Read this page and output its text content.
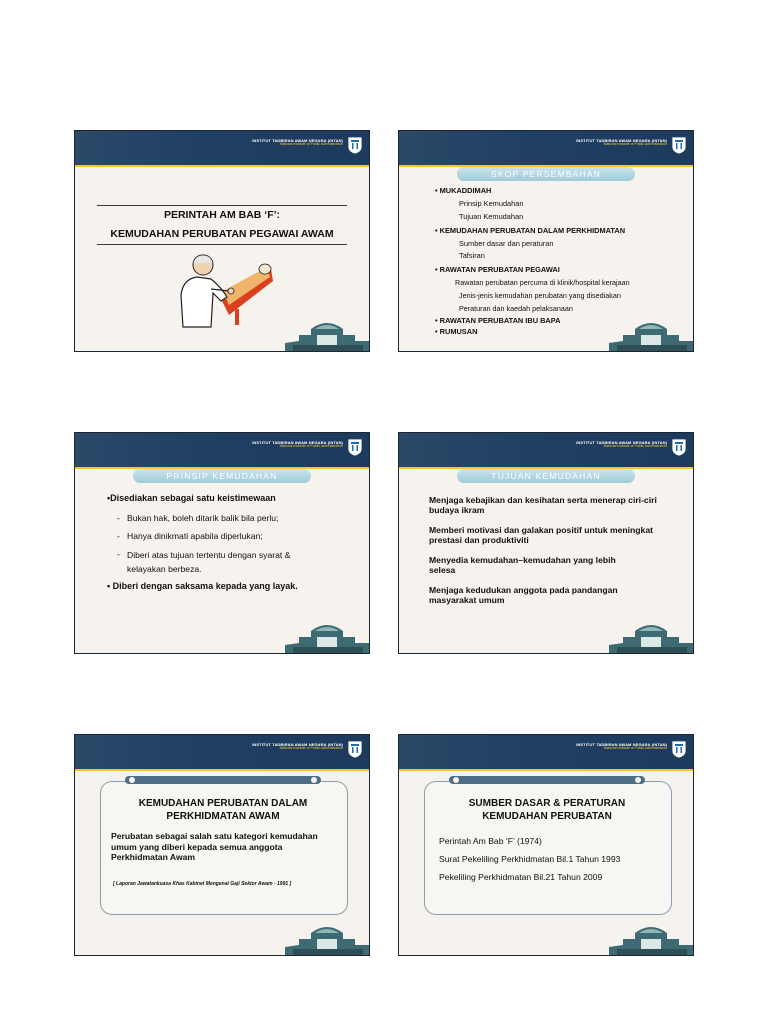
INSTITUT TADBIRAN AWAM NEGARA (INTAN)
National Institute of Public Administration
PERINTAH AM BAB ‘F’:
KEMUDAHAN PERUBATAN PEGAWAI AWAM
INSTITUT TADBIRAN AWAM NEGARA (INTAN)
National Institute of Public Administration
SKOP PERSEMBAHAN
• MUKADDIMAH
Prinsip Kemudahan
Tujuan Kemudahan
• KEMUDAHAN PERUBATAN DALAM PERKHIDMATAN
Sumber dasar dan peraturan
Tafsiran
• RAWATAN PERUBATAN PEGAWAI
Rawatan perubatan percuma di klinik/hospital kerajaan
Jenis-jenis kemudahan perubatan yang disediakan
Peraturan dan kaedah pelaksanaan
• RAWATAN PERUBATAN IBU BAPA
• RUMUSAN
INSTITUT TADBIRAN AWAM NEGARA (INTAN)
National Institute of Public Administration
PRINSIP KEMUDAHAN
•Disediakan sebagai satu keistimewaan
- Bukan hak, boleh ditarik balik bila perlu;
- Hanya dinikmati apabila diperlukan;
- Diberi atas tujuan tertentu dengan syarat & kelayakan berbeza.
• Diberi dengan saksama kepada yang layak.
INSTITUT TADBIRAN AWAM NEGARA (INTAN)
National Institute of Public Administration
TUJUAN KEMUDAHAN
Menjaga kebajikan dan kesihatan serta menerap ciri-ciri budaya ikram
Memberi motivasi dan galakan positif untuk meningkat prestasi dan produktiviti
Menyedia kemudahan–kemudahan yang lebih selesa
Menjaga kedudukan anggota pada pandangan masyarakat umum
INSTITUT TADBIRAN AWAM NEGARA (INTAN)
National Institute of Public Administration
KEMUDAHAN PERUBATAN DALAM PERKHIDMATAN AWAM
Perubatan sebagai salah satu kategori kemudahan umum yang diberi kepada semua anggota Perkhidmatan Awam
[ Laporan Jawatankuasa Khas Kabinet Mengenai Gaji Sektor Awam - 1991 ]
INSTITUT TADBIRAN AWAM NEGARA (INTAN)
National Institute of Public Administration
SUMBER DASAR & PERATURAN KEMUDAHAN PERUBATAN
Perintah Am Bab ‘F’ (1974)
Surat Pekeliling Perkhidmatan Bil.1 Tahun 1993
Pekeliling Perkhidmatan Bil.21 Tahun 2009
